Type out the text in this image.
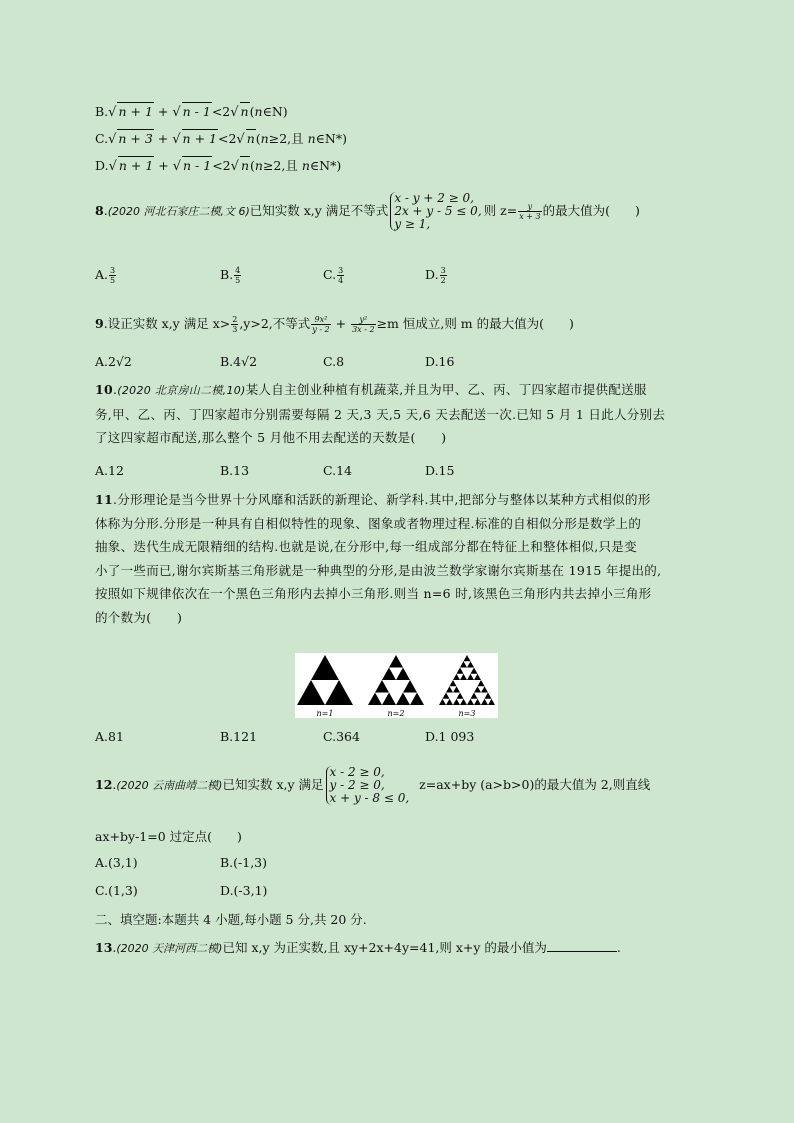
B.√ n + 1 + √ n - 1<2√ n(n∈N)
C.√ n + 3 + √ n + 1<2√ n(n≥2,且 n∈N*)
D.√ n + 1 + √ n - 1<2√ n(n≥2,且 n∈N*)
8.(2020 河北石家庄二模,文 6)已知实数 x,y 满足不等式
x - y + 2 ≥ 0,
2x + y - 5 ≤ 0,
y ≥ 1,
则 $z= \frac{y}{x + 3}$ 的最大值为(　　)
A. $\frac{3}{5}$	B. $\frac{4}{5}$	C. $\frac{3}{4}$	D. $\frac{3}{2}$
9.设正实数 x,y 满足 $x> \frac{2}{3} ,y>2$,不等式 $\frac{\text{9x²}}{y - 2} + \frac{\text{y²}}{3x - 2} \ge m$ 恒成立,则 m 的最大值为(　　)
A.2√2	B.4√2	C.8	D.16
10.(2020 北京房山二模,10)某人自主创业种植有机蔬菜,并且为甲、乙、丙、丁四家超市提供配送服
务,甲、乙、丙、丁四家超市分别需要每隔 2 天,3 天,5 天,6 天去配送一次.已知 5 月 1 日此人分别去
了这四家超市配送,那么整个 5 月他不用去配送的天数是(　　)
A.12	B.13	C.14	D.15
11.分形理论是当今世界十分风靡和活跃的新理论、新学科.其中,把部分与整体以某种方式相似的形
体称为分形.分形是一种具有自相似特性的现象、图象或者物理过程.标准的自相似分形是数学上的
抽象、迭代生成无限精细的结构.也就是说,在分形中,每一组成部分都在特征上和整体相似,只是变
小了一些而已,谢尔宾斯基三角形就是一种典型的分形,是由波兰数学家谢尔宾斯基在 1915 年提出的,
按照如下规律依次在一个黑色三角形内去掉小三角形.则当 n=6 时,该黑色三角形内共去掉小三角形
的个数为(　　)
n=1	n=2	n=3
A.81	B.121	C.364	D.1 093
12.(2020 云南曲靖二模)已知实数 x,y 满足
x - 2 ≥ 0,
y - 2 ≥ 0,
x + y - 8 ≤ 0,
z=ax+by (a>b>0)的最大值为 2,则直线
ax+by-1=0 过定点(　　)
A.(3,1)	B.(-1,3)
C.(1,3)	D.(-3,1)
二、填空题:本题共 4 小题,每小题 5 分,共 20 分.
13.(2020 天津河西二模)已知 x,y 为正实数,且 xy+2x+4y=41,则 x+y 的最小值为	.
